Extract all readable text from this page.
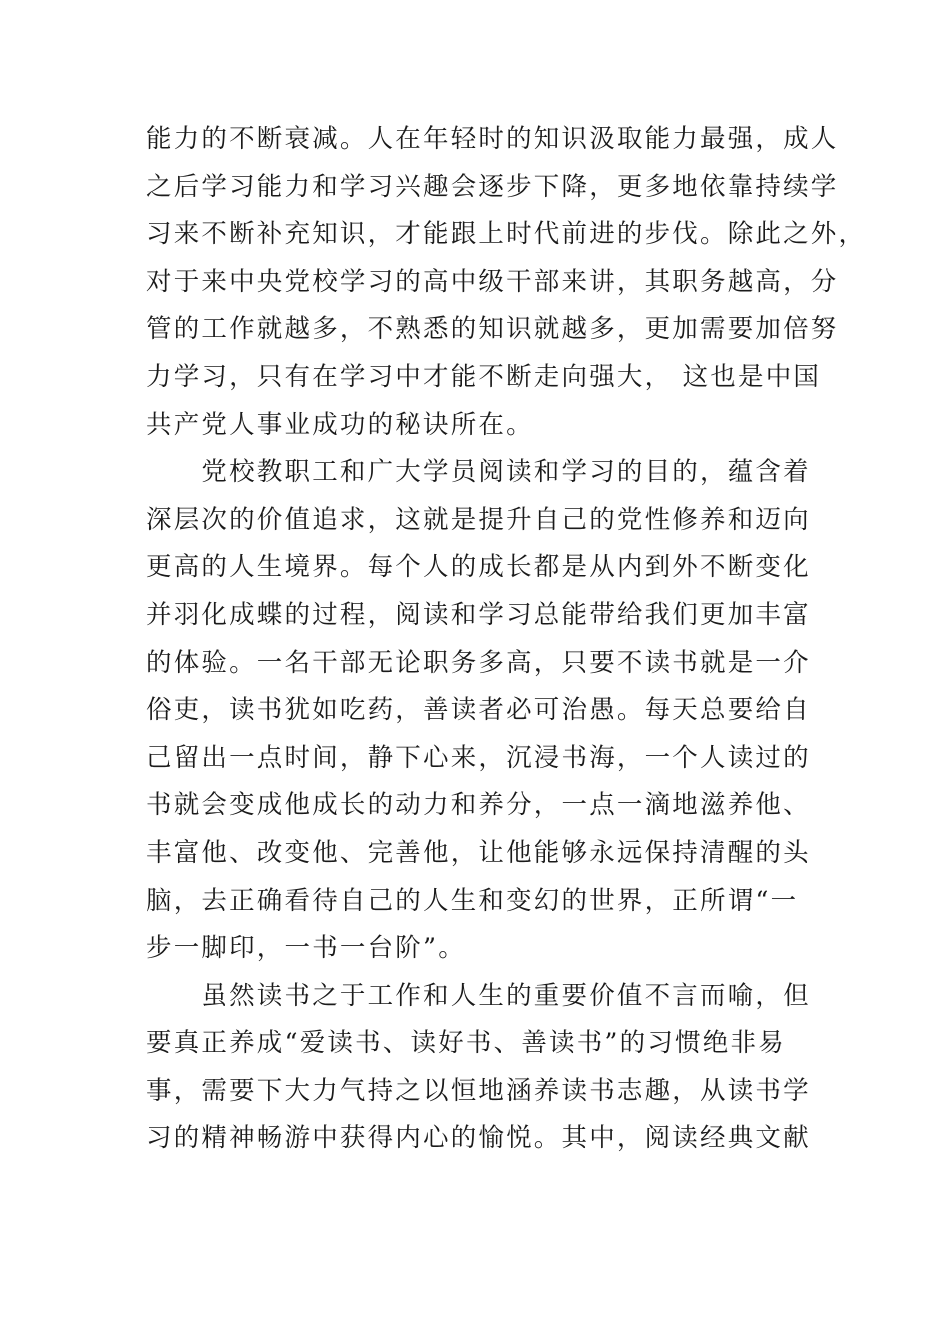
能力的不断衰减。人在年轻时的知识汲取能力最强，成人
之后学习能力和学习兴趣会逐步下降，更多地依靠持续学
习来不断补充知识，才能跟上时代前进的步伐。除此之外，
对于来中央党校学习的高中级干部来讲，其职务越高，分
管的工作就越多，不熟悉的知识就越多，更加需要加倍努
力学习，只有在学习中才能不断走向强大， 这也是中国
共产党人事业成功的秘诀所在。
　　党校教职工和广大学员阅读和学习的目的，蕴含着
深层次的价值追求，这就是提升自己的党性修养和迈向
更高的人生境界。每个人的成长都是从内到外不断变化
并羽化成蝶的过程，阅读和学习总能带给我们更加丰富
的体验。一名干部无论职务多高，只要不读书就是一介
俗吏，读书犹如吃药，善读者必可治愚。每天总要给自
己留出一点时间，静下心来，沉浸书海，一个人读过的
书就会变成他成长的动力和养分，一点一滴地滋养他、
丰富他、改变他、完善他，让他能够永远保持清醒的头
脑，去正确看待自己的人生和变幻的世界，正所谓“一
步一脚印，一书一台阶”。
　　虽然读书之于工作和人生的重要价值不言而喻，但
要真正养成“爱读书、读好书、善读书”的习惯绝非易
事，需要下大力气持之以恒地涵养读书志趣，从读书学
习的精神畅游中获得内心的愉悦。其中，阅读经典文献
